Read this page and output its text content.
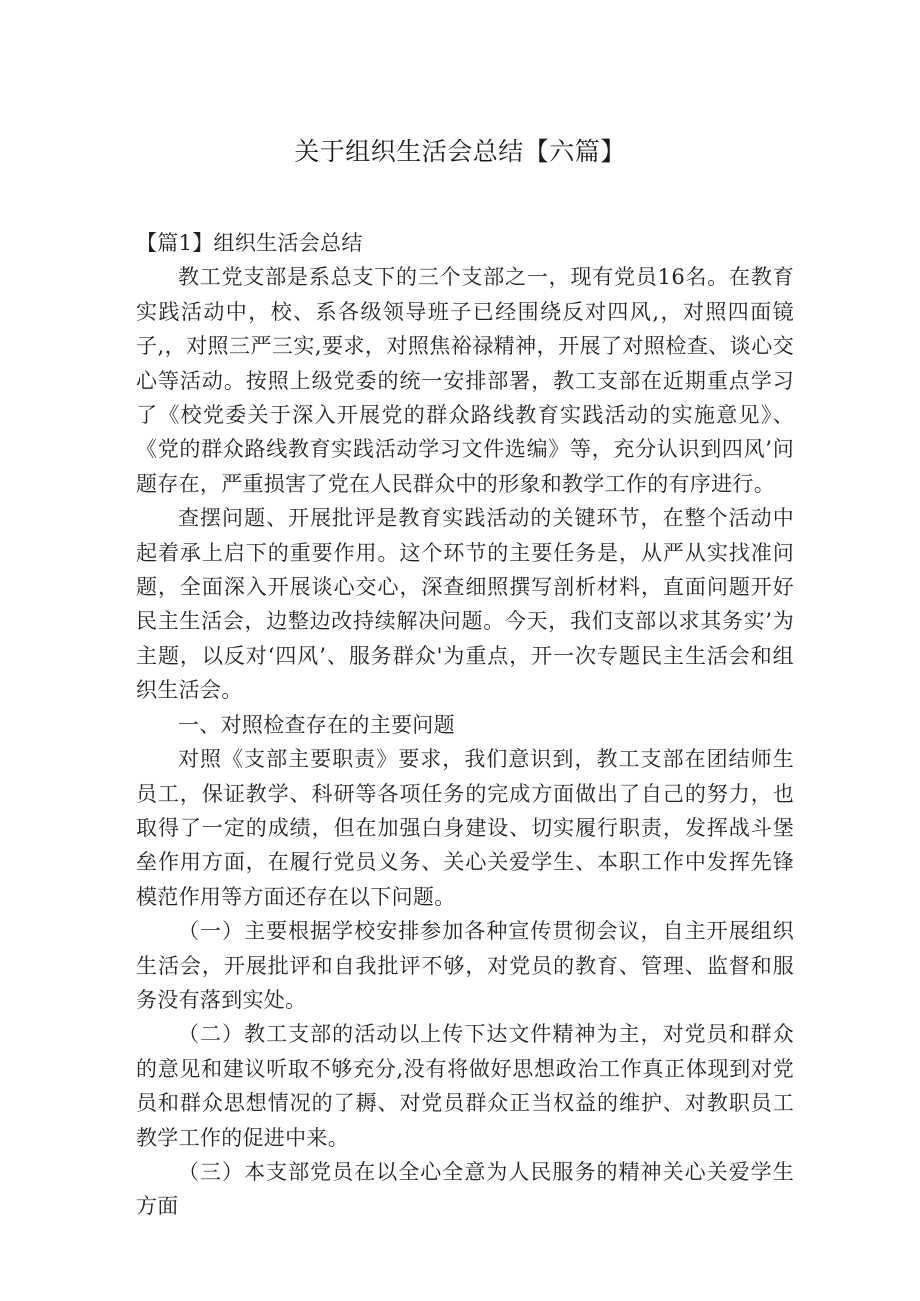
关于组织生活会总结【六篇】

【篇1】组织生活会总结

教工党支部是系总支下的三个支部之一，现有党员16名。在教育实践活动中，校、系各级领导班子已经围绕反对四风,，对照四面镜子,，对照三严三实,要求，对照焦裕禄精神，开展了对照检查、谈心交心等活动。按照上级党委的统一安排部署，教工支部在近期重点学习了《校党委关于深入开展党的群众路线教育实践活动的实施意见》、《党的群众路线教育实践活动学习文件选编》等，充分认识到四风’问题存在，严重损害了党在人民群众中的形象和教学工作的有序进行。

查摆问题、开展批评是教育实践活动的关键环节，在整个活动中起着承上启下的重要作用。这个环节的主要任务是，从严从实找准问题，全面深入开展谈心交心，深查细照撰写剖析材料，直面问题开好民主生活会，边整边改持续解决问题。今天，我们支部以求其务实’为主题，以反对‘四风’、服务群众'为重点，开一次专题民主生活会和组织生活会。

一、对照检查存在的主要问题

对照《支部主要职责》要求，我们意识到，教工支部在团结师生员工，保证教学、科研等各项任务的完成方面做出了自己的努力，也取得了一定的成绩，但在加强白身建设、切实履行职责，发挥战斗堡垒作用方面，在履行党员义务、关心关爱学生、本职工作中发挥先锋模范作用等方面还存在以下问题。

（一）主要根据学校安排参加各种宣传贯彻会议，自主开展组织生活会，开展批评和自我批评不够，对党员的教育、管理、监督和服务没有落到实处。

（二）教工支部的活动以上传下达文件精神为主，对党员和群众的意见和建议听取不够充分,没有将做好思想政治工作真正体现到对党员和群众思想情况的了耨、对党员群众正当权益的维护、对教职员工教学工作的促进中来。

（三）本支部党员在以全心全意为人民服务的精神关心关爱学生方面
